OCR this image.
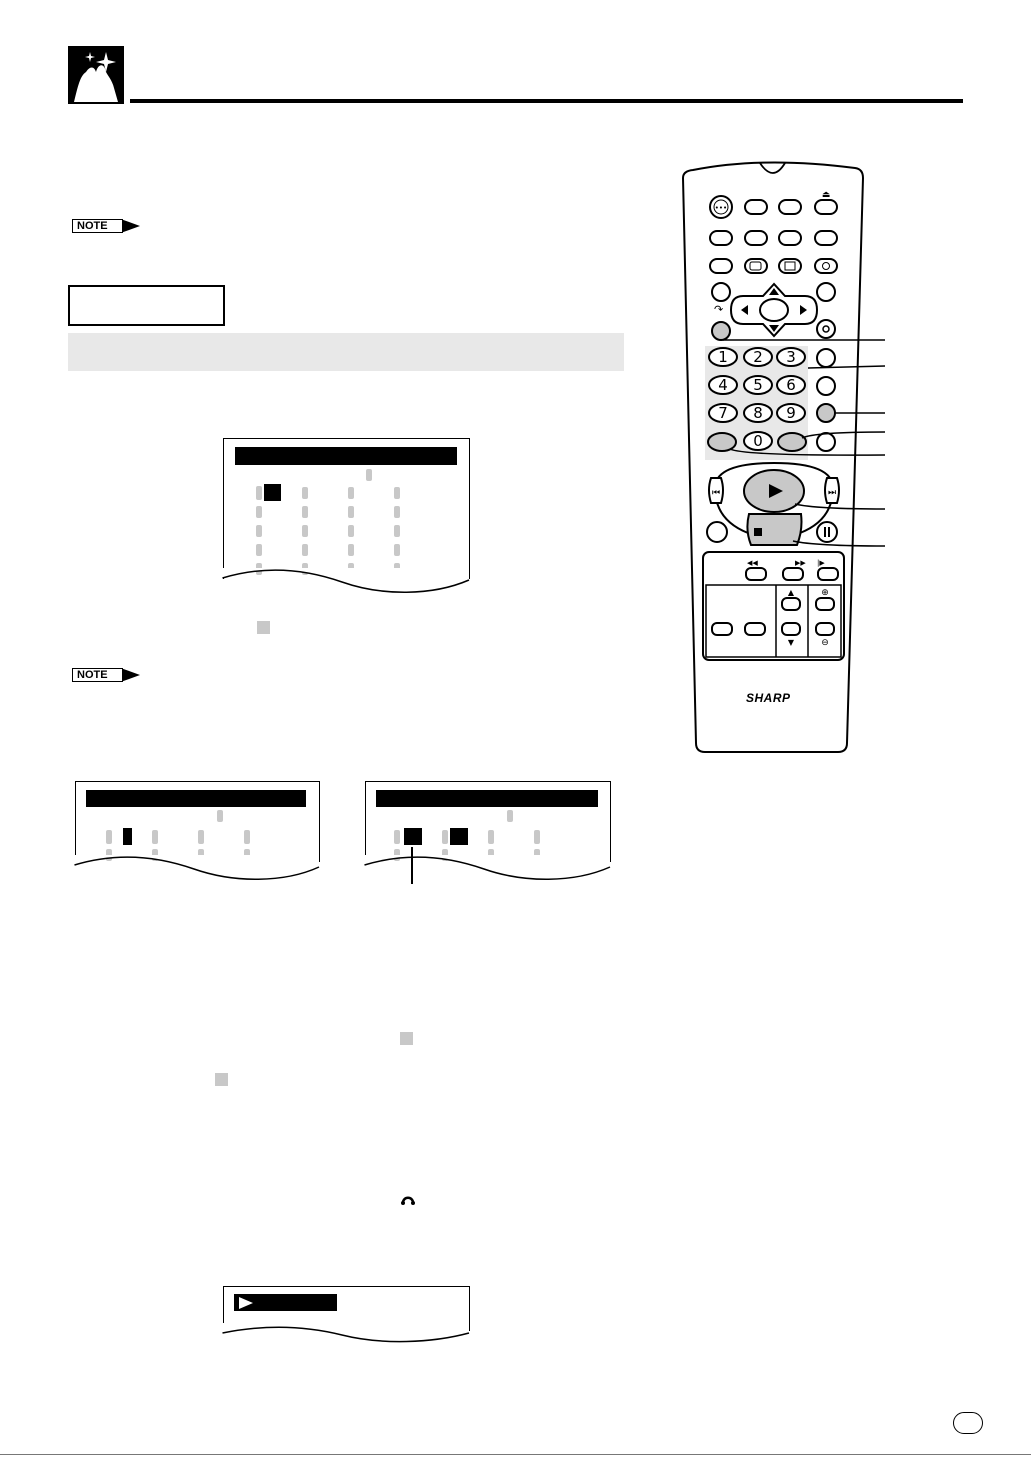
NOTE
NOTE
•••
⏏
↷
1 2 3
4 5 6
7 8 9
0
⏮	⏭
◀◀	▶▶ |▶
▲
▼
⊕
⊖
SHARP
